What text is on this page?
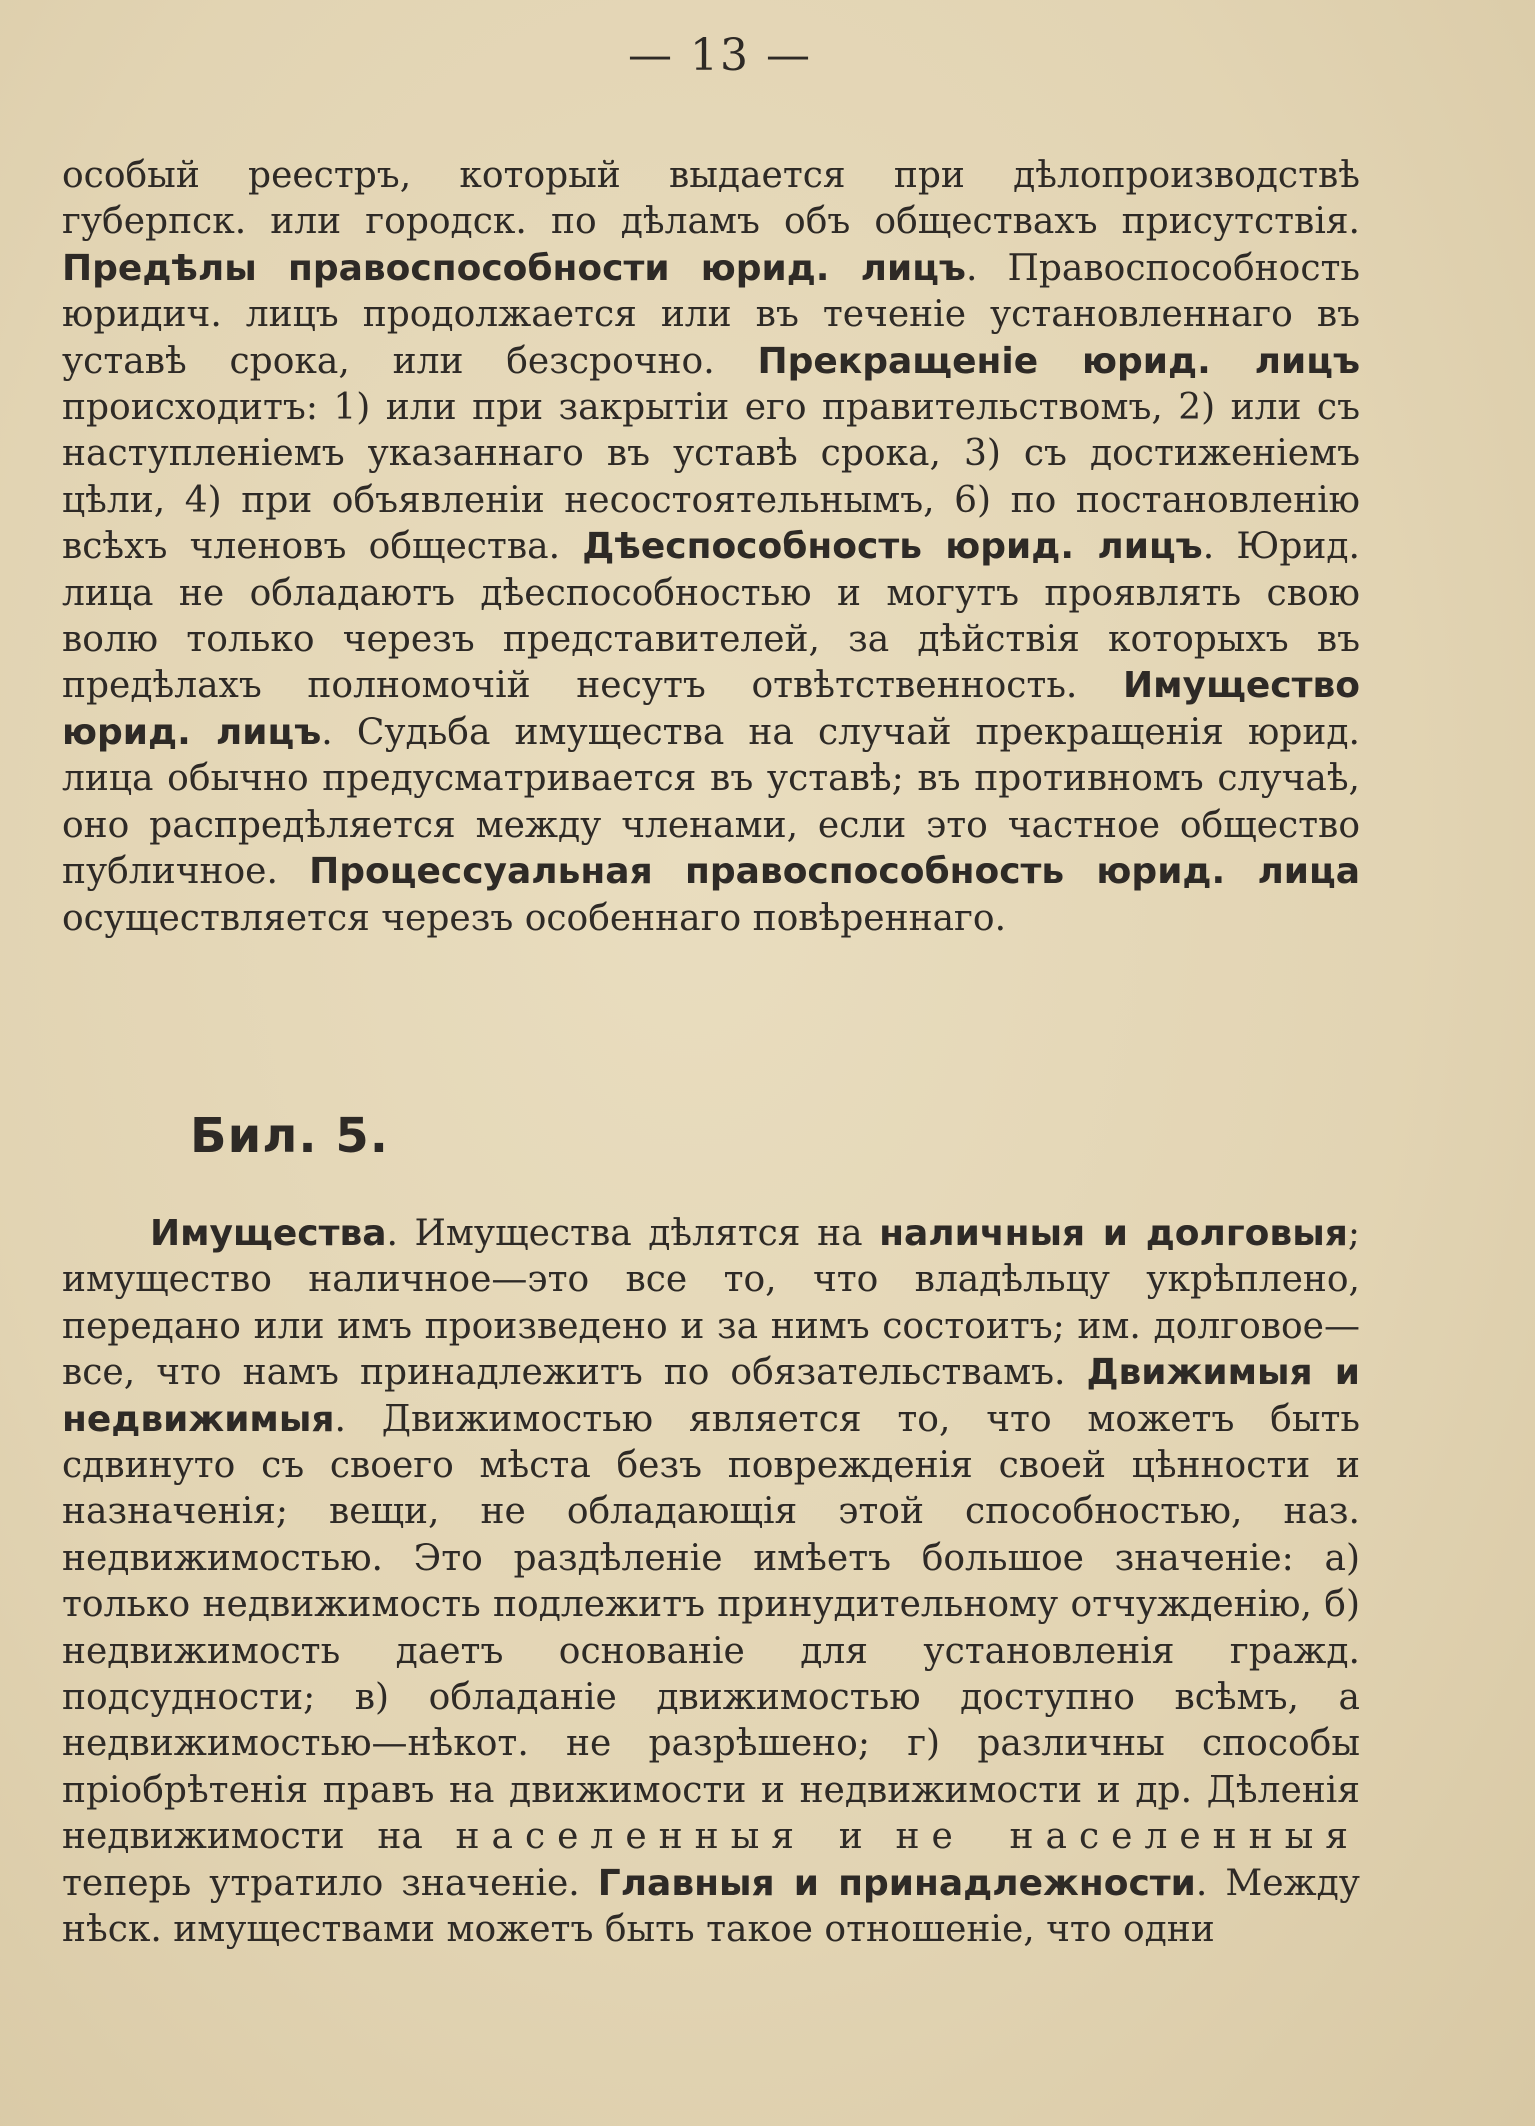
— 13 —
особый реестръ, который выдается при дѣлопроизводствѣ губерпск. или городск. по дѣламъ объ обществахъ присутствія. Предѣлы правоспособности юрид. лицъ. Правоспособность юридич. лицъ продолжается или въ теченіе установленнаго въ уставѣ срока, или безсрочно. Прекращеніе юрид. лицъ происходитъ: 1) или при закрытіи его правительствомъ, 2) или съ наступленіемъ указаннаго въ уставѣ срока, 3) съ достиженіемъ цѣли, 4) при объявленіи несостоятельнымъ, 6) по постановленію всѣхъ членовъ общества. Дѣеспособность юрид. лицъ. Юрид. лица не обладаютъ дѣеспособностью и могутъ проявлять свою волю только черезъ представителей, за дѣйствія которыхъ въ предѣлахъ полномочій несутъ отвѣтственность. Имущество юрид. лицъ. Судьба имущества на случай прекращенія юрид. лица обычно предусматривается въ уставѣ; въ противномъ случаѣ, оно распредѣляется между членами, если это частное общество публичное. Процессуальная правоспособность юрид. лица осуществляется черезъ особеннаго повѣреннаго.
Бил. 5.
Имущества. Имущества дѣлятся на наличныя и долговыя; имущество наличное—это все то, что владѣльцу укрѣплено, передано или имъ произведено и за нимъ состоитъ; им. долговое—все, что намъ принадлежитъ по обязательствамъ. Движимыя и недвижимыя. Движимостью является то, что можетъ быть сдвинуто съ своего мѣста безъ поврежденія своей цѣнности и назначенія; вещи, не обладающія этой способностью, наз. недвижимостью. Это раздѣленіе имѣетъ большое значеніе: а) только недвижимость подлежитъ принудительному отчужденію, б) недвижимость даетъ основаніе для установленія гражд. подсудности; в) обладаніе движимостью доступно всѣмъ, а недвижимостью—нѣкот. не разрѣшено; г) различны способы пріобрѣтенія правъ на движимости и недвижимости и др. Дѣленія недвижимости на населенныя и не населенныя теперь утратило значеніе. Главныя и принадлежности. Между нѣск. имуществами можетъ быть такое отношеніе, что одни
